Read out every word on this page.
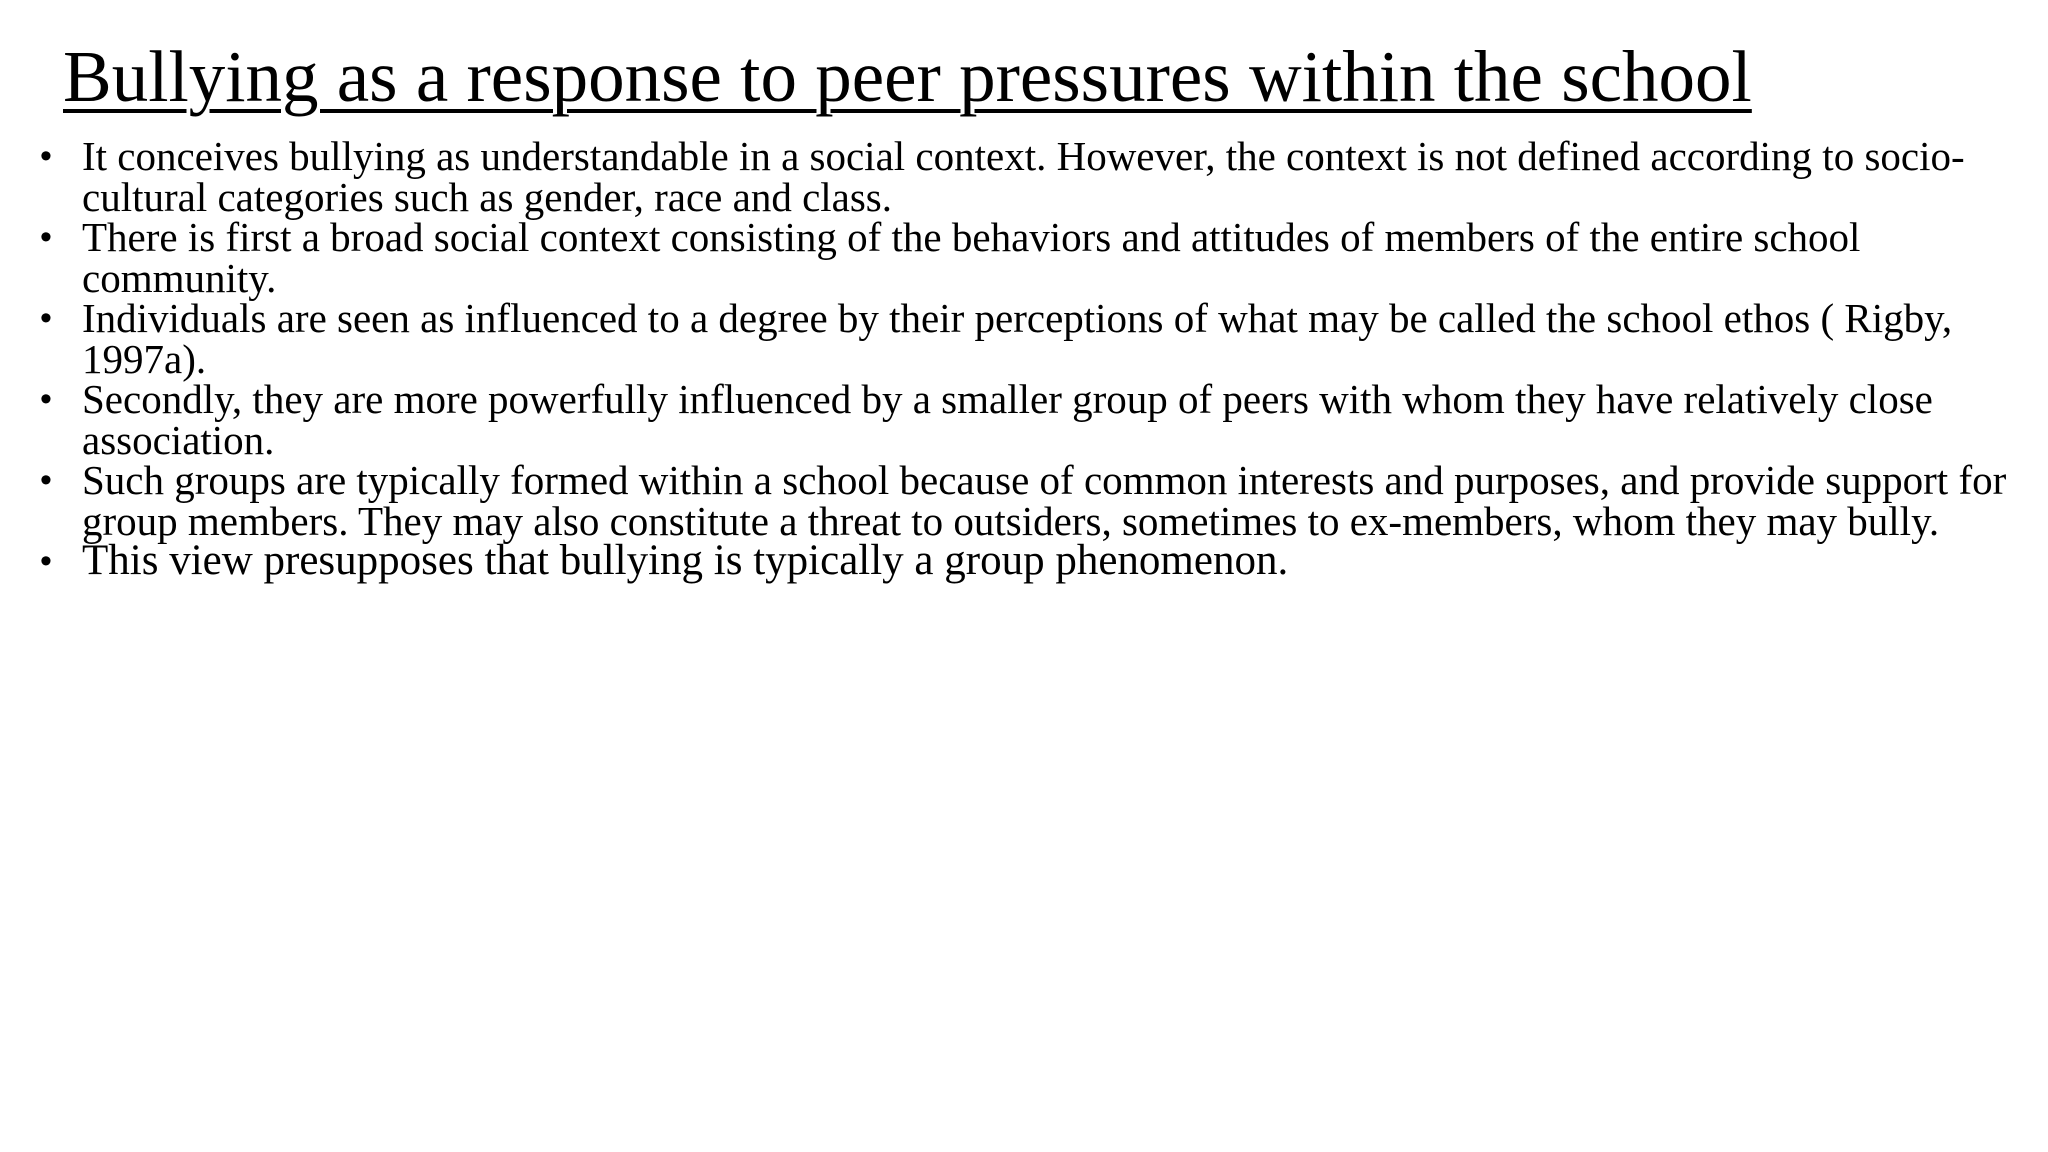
Bullying as a response to peer pressures within the school
• It conceives bullying as understandable in a social context. However, the context is not defined according to socio-cultural categories such as gender, race and class.
• There is first a broad social context consisting of the behaviors and attitudes of members of the entire school community.
• Individuals are seen as influenced to a degree by their perceptions of what may be called the school ethos ( Rigby, 1997a).
• Secondly, they are more powerfully influenced by a smaller group of peers with whom they have relatively close association.
• Such groups are typically formed within a school because of common interests and purposes, and provide support for group members. They may also constitute a threat to outsiders, sometimes to ex-members, whom they may bully.
• This view presupposes that bullying is typically a group phenomenon.
